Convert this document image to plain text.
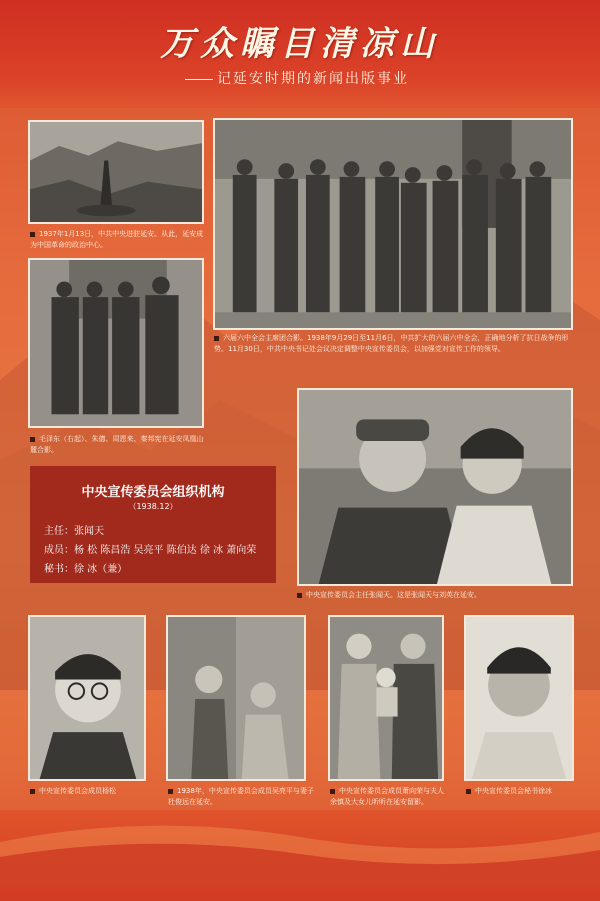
万众瞩目清凉山
记延安时期的新闻出版事业
1937年1月13日，中共中央进驻延安。从此，延安成为中国革命的政治中心。
六届六中全会主席团合影。1938年9月29日至11月6日，中共扩大的六届六中全会，正确地分析了抗日战争的形势。11月30日，中共中央书记处会议决定调整中央宣传委员会，以加强党对宣传工作的领导。
毛泽东（右起）、朱德、周恩来、秦邦宪在延安凤凰山麓合影。
中央宣传委员会主任张闻天。这是张闻天与刘英在延安。
中央宣传委员会组织机构
（1938.12）
主任：张闻天
成员：杨 松 陈昌浩 吴亮平 陈伯达 徐 冰 萧向荣
秘书：徐 冰（兼）
中央宣传委员会成员杨松	1938年，中央宣传委员会成员吴亮平与妻子杜俊远在延安。
中央宣传委员会成员萧向荣与夫人余慎及大女儿昕昕在延安留影。
中央宣传委员会秘书徐冰
